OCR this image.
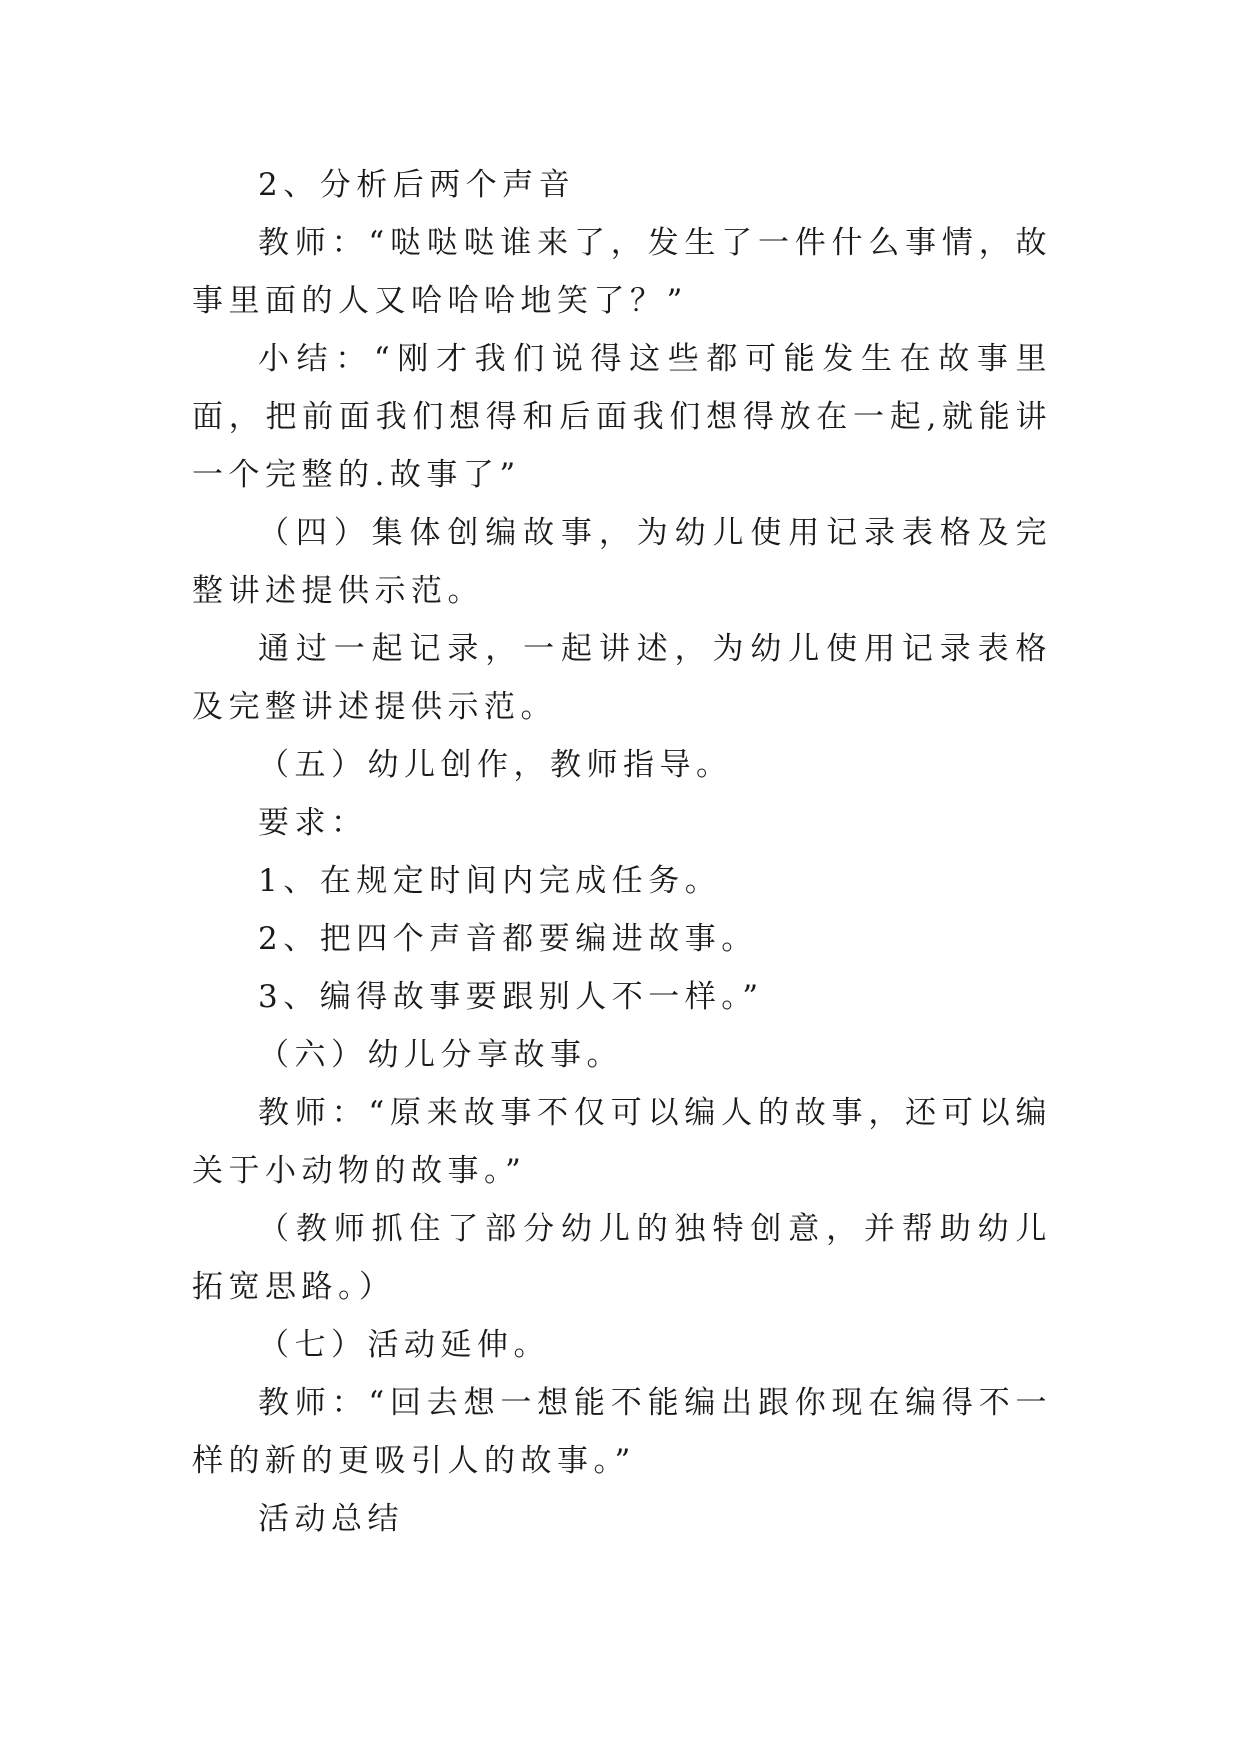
2、分析后两个声音

教师：“哒哒哒谁来了，发生了一件什么事情，故事里面的人又哈哈哈地笑了？”

小结：“刚才我们说得这些都可能发生在故事里面，把前面我们想得和后面我们想得放在一起,就能讲一个完整的.故事了”

（四）集体创编故事，为幼儿使用记录表格及完整讲述提供示范。

通过一起记录，一起讲述，为幼儿使用记录表格及完整讲述提供示范。

（五）幼儿创作，教师指导。

要求：

1、在规定时间内完成任务。

2、把四个声音都要编进故事。

3、编得故事要跟别人不一样。”

（六）幼儿分享故事。

教师：“原来故事不仅可以编人的故事，还可以编关于小动物的故事。”

（教师抓住了部分幼儿的独特创意，并帮助幼儿拓宽思路。）

（七）活动延伸。

教师：“回去想一想能不能编出跟你现在编得不一样的新的更吸引人的故事。”

活动总结
